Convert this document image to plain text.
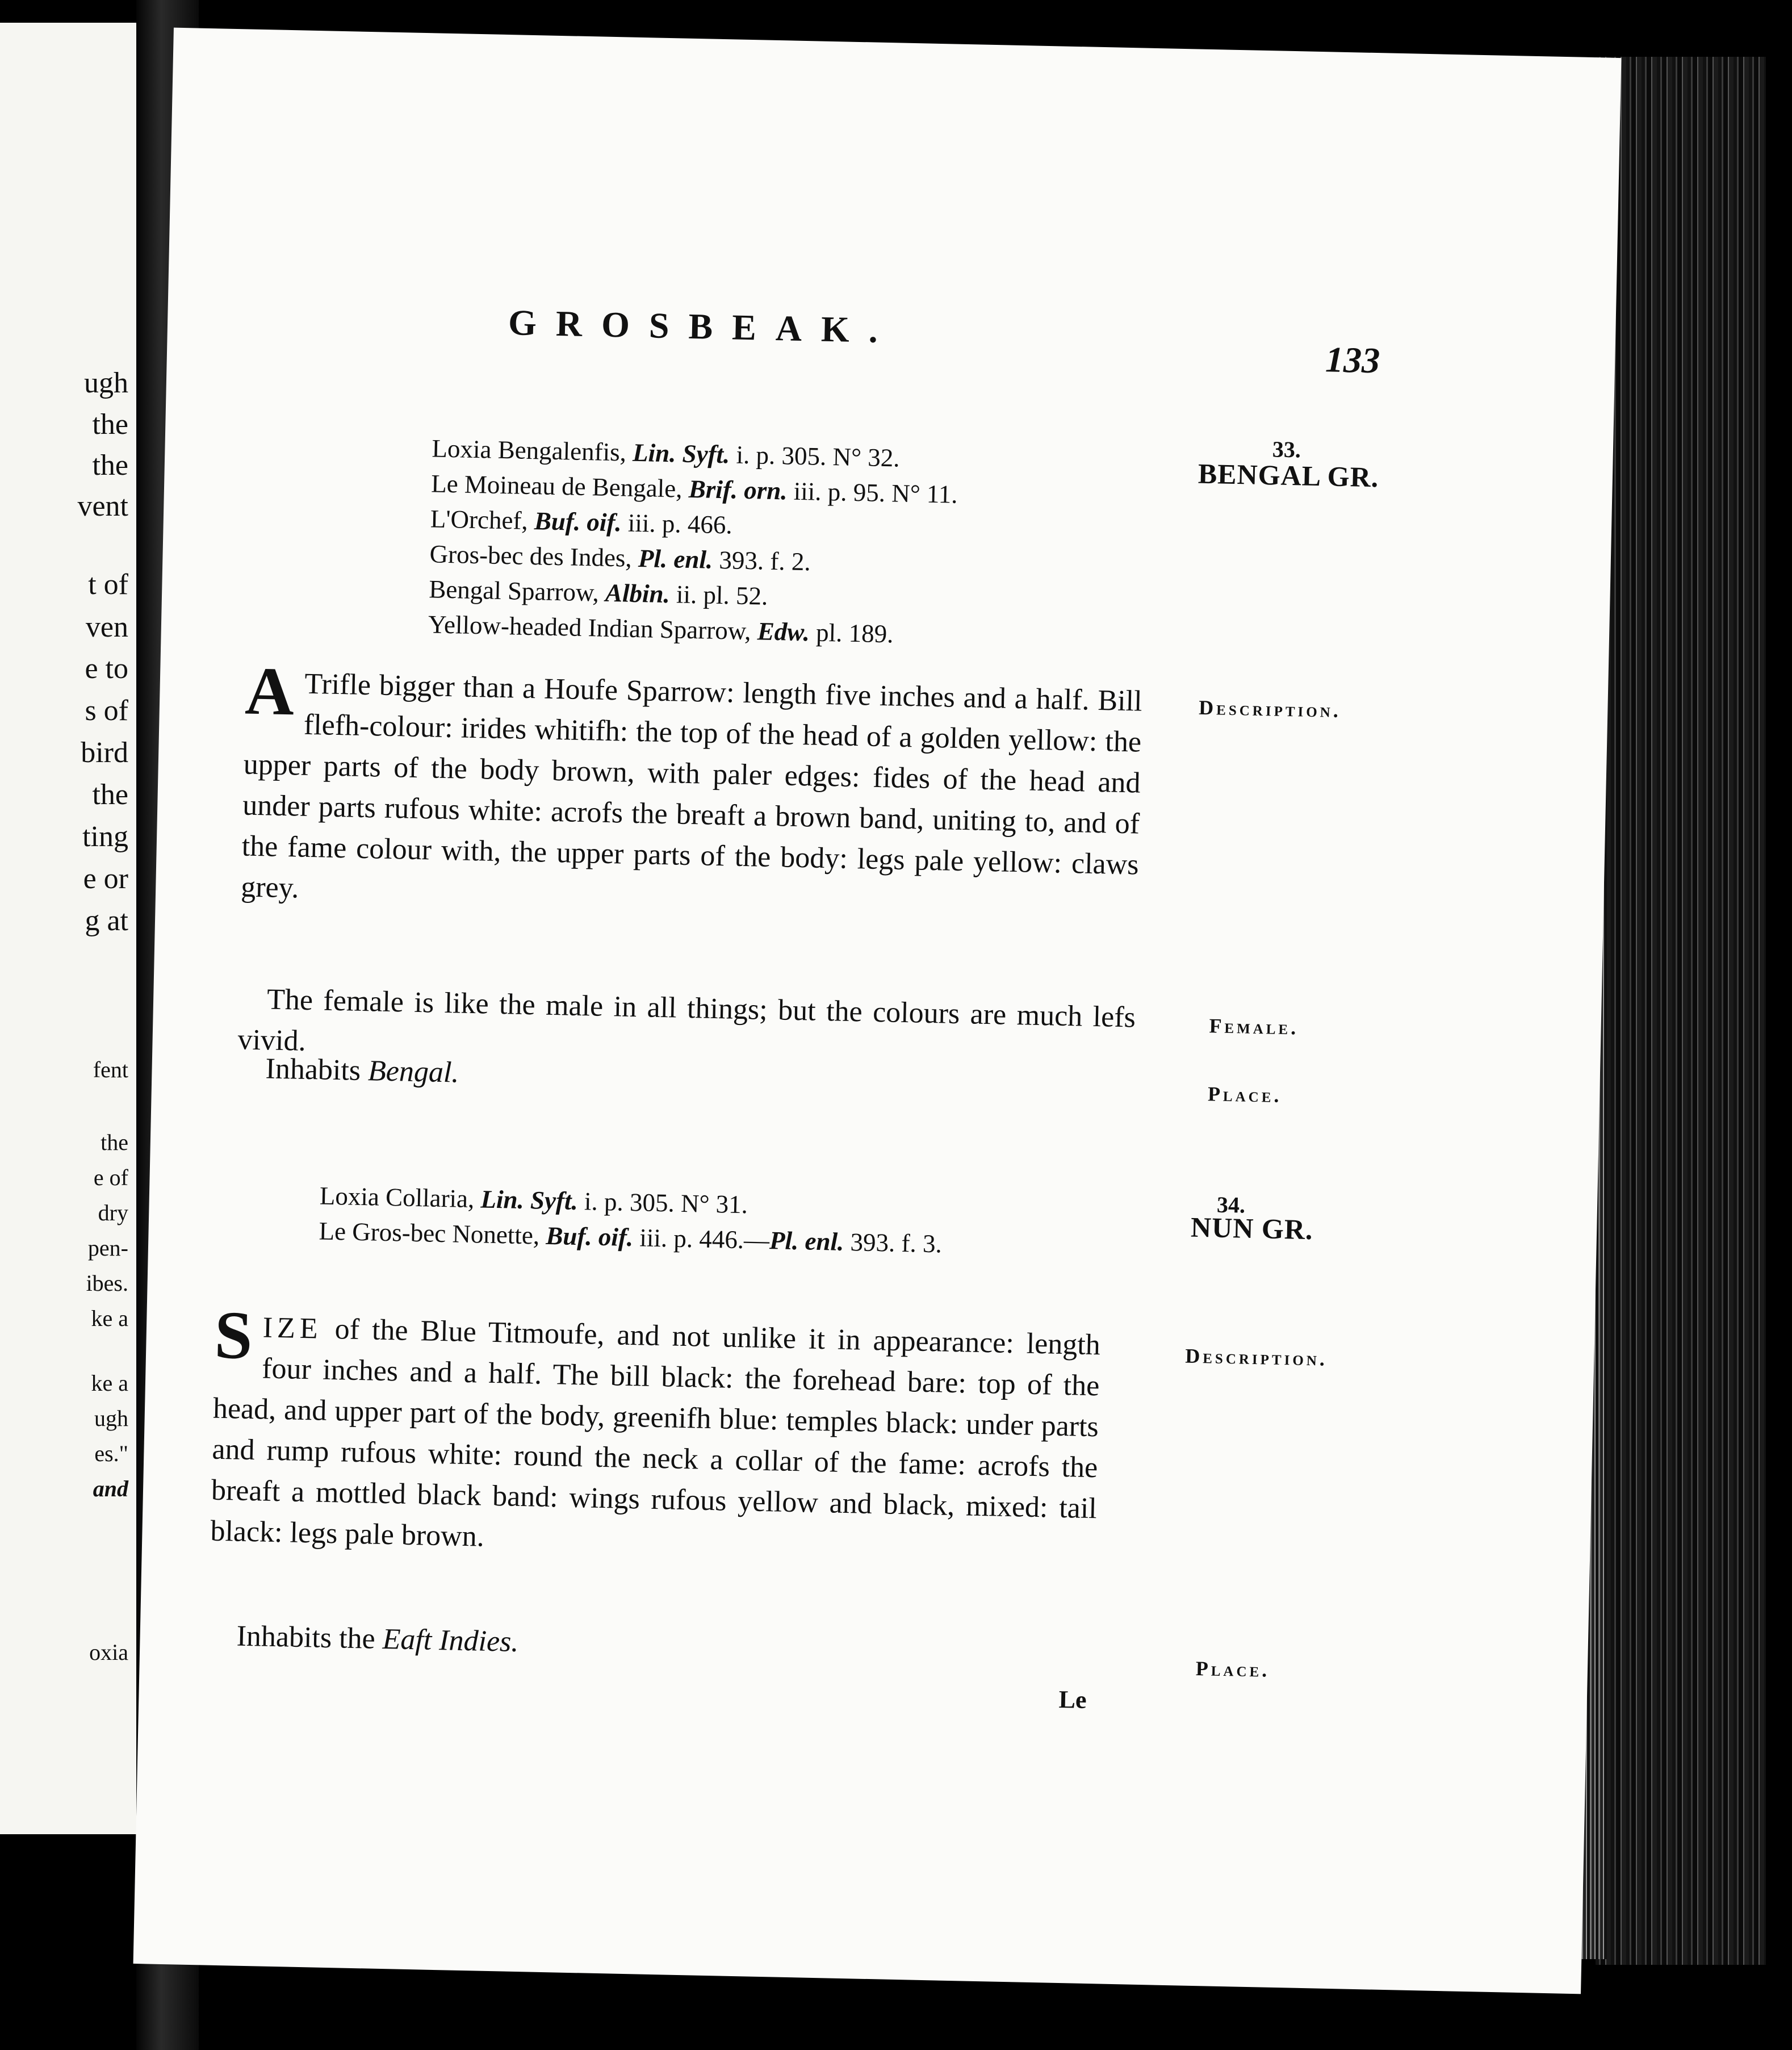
ugh
the
the
vent
t of
ven
e to
s of
bird
the
ting
e or
g at
fent
the
e of
dry
pen-
ibes.
ke a
ke a
ugh
es."
and
oxia
GROSBEAK.
133
33.
BENGAL GR.
Loxia Bengalenfis, Lin. Syft. i. p. 305. N° 32.
Le Moineau de Bengale, Brif. orn. iii. p. 95. N° 11.
L'Orchef, Buf. oif. iii. p. 466.
Gros-bec des Indes, Pl. enl. 393. f. 2.
Bengal Sparrow, Albin. ii. pl. 52.
Yellow-headed Indian Sparrow, Edw. pl. 189.
Description.
A Trifle bigger than a Houfe Sparrow: length five inches and a half. Bill flefh-colour: irides whitifh: the top of the head of a golden yellow: the upper parts of the body brown, with paler edges: fides of the head and under parts rufous white: acrofs the breaft a brown band, uniting to, and of the fame colour with, the upper parts of the body: legs pale yellow: claws grey.
Female.
The female is like the male in all things; but the colours are much lefs vivid.
Place.
Inhabits Bengal.
34.
NUN GR.
Loxia Collaria, Lin. Syft. i. p. 305. N° 31.
Le Gros-bec Nonette, Buf. oif. iii. p. 446.—Pl. enl. 393. f. 3.
Description.
SIZE of the Blue Titmoufe, and not unlike it in appearance: length four inches and a half. The bill black: the forehead bare: top of the head, and upper part of the body, greenifh blue: temples black: under parts and rump rufous white: round the neck a collar of the fame: acrofs the breaft a mottled black band: wings rufous yellow and black, mixed: tail black: legs pale brown.
Place.
Inhabits the Eaft Indies.
Le
